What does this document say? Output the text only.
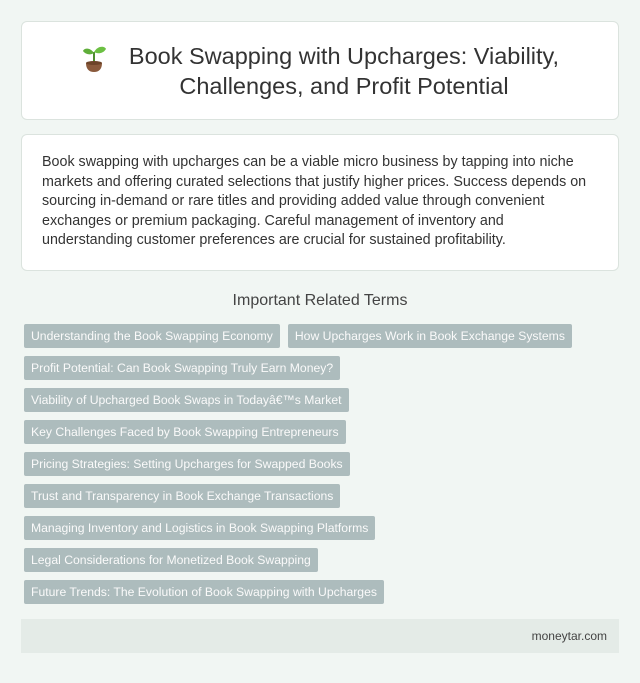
Book Swapping with Upcharges: Viability,
Challenges, and Profit Potential

Book swapping with upcharges can be a viable micro business by tapping into niche markets and offering curated selections that justify higher prices. Success depends on sourcing in-demand or rare titles and providing added value through convenient exchanges or premium packaging. Careful management of inventory and understanding customer preferences are crucial for sustained profitability.

Important Related Terms
Understanding the Book Swapping Economy	How Upcharges Work in Book Exchange Systems
Profit Potential: Can Book Swapping Truly Earn Money?
Viability of Upcharged Book Swaps in Todayâ€™s Market
Key Challenges Faced by Book Swapping Entrepreneurs
Pricing Strategies: Setting Upcharges for Swapped Books
Trust and Transparency in Book Exchange Transactions
Managing Inventory and Logistics in Book Swapping Platforms
Legal Considerations for Monetized Book Swapping
Future Trends: The Evolution of Book Swapping with Upcharges
moneytar.com
